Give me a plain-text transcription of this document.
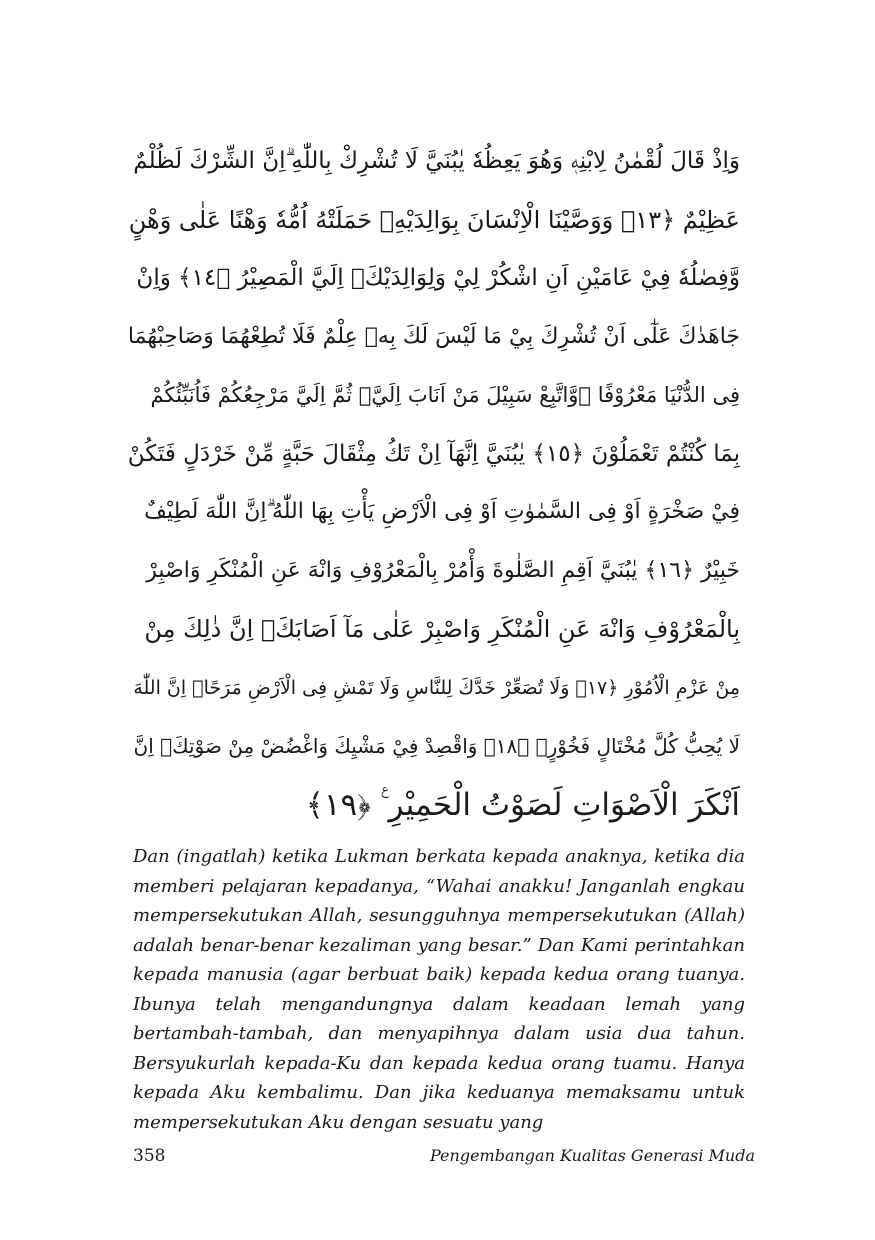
وَاِذْ قَالَ لُقْمٰنُ لِابْنِهٖ وَهُوَ يَعِظُهٗ يٰبُنَيَّ لَا تُشْرِكْ بِاللّٰهِ ۗاِنَّ الشِّرْكَ لَظُلْمٌ
عَظِيْمٌ ﴿١٣﴾ وَوَصَّيْنَا الْاِنْسَانَ بِوَالِدَيْهِۚ حَمَلَتْهُ اُمُّهٗ وَهْنًا عَلٰى وَهْنٍ
وَّفِصٰلُهٗ فِيْ عَامَيْنِ اَنِ اشْكُرْ لِيْ وَلِوَالِدَيْكَۗ اِلَيَّ الْمَصِيْرُ ﴿١٤﴾ وَاِنْ
جَاهَدٰكَ عَلٰٓى اَنْ تُشْرِكَ بِيْ مَا لَيْسَ لَكَ بِهٖ عِلْمٌ فَلَا تُطِعْهُمَا وَصَاحِبْهُمَا
فِى الدُّنْيَا مَعْرُوْفًا ۖوَّاتَّبِعْ سَبِيْلَ مَنْ اَنَابَ اِلَيَّۚ ثُمَّ اِلَيَّ مَرْجِعُكُمْ فَاُنَبِّئُكُمْ
بِمَا كُنْتُمْ تَعْمَلُوْنَ ﴿١٥﴾ يٰبُنَيَّ اِنَّهَآ اِنْ تَكُ مِثْقَالَ حَبَّةٍ مِّنْ خَرْدَلٍ فَتَكُنْ
فِيْ صَخْرَةٍ اَوْ فِى السَّمٰوٰتِ اَوْ فِى الْاَرْضِ يَأْتِ بِهَا اللّٰهُ ۗاِنَّ اللّٰهَ لَطِيْفٌ
خَبِيْرٌ ﴿١٦﴾ يٰبُنَيَّ اَقِمِ الصَّلٰوةَ وَأْمُرْ بِالْمَعْرُوْفِ وَانْهَ عَنِ الْمُنْكَرِ وَاصْبِرْ
بِالْمَعْرُوْفِ وَانْهَ عَنِ الْمُنْكَرِ وَاصْبِرْ عَلٰى مَآ اَصَابَكَۗ اِنَّ ذٰلِكَ مِنْ
مِنْ عَزْمِ الْاُمُوْرِ ﴿١٧﴾ وَلَا تُصَعِّرْ خَدَّكَ لِلنَّاسِ وَلَا تَمْشِ فِى الْاَرْضِ مَرَحًاۗ اِنَّ اللّٰهَ
لَا يُحِبُّ كُلَّ مُخْتَالٍ فَخُوْرٍۚ ﴿١٨﴾ وَاقْصِدْ فِيْ مَشْيِكَ وَاغْضُضْ مِنْ صَوْتِكَۗ اِنَّ
اَنْكَرَ الْاَصْوَاتِ لَصَوْتُ الْحَمِيْرِ ࣖ ﴿١٩﴾

Dan (ingatlah) ketika Lukman berkata kepada anaknya, ketika dia memberi pelajaran kepadanya, “Wahai anakku! Janganlah engkau mempersekutukan Allah, sesungguhnya mempersekutukan (Allah) adalah benar-benar kezaliman yang besar.” Dan Kami perintahkan kepada manusia (agar berbuat baik) kepada kedua orang tuanya. Ibunya telah mengandungnya dalam keadaan lemah yang bertambah-tambah, dan menyapihnya dalam usia dua tahun. Bersyukurlah kepada-Ku dan kepada kedua orang tuamu. Hanya kepada Aku kembalimu. Dan jika keduanya memaksamu untuk mempersekutukan Aku dengan sesuatu yang

358	Pengembangan Kualitas Generasi Muda
